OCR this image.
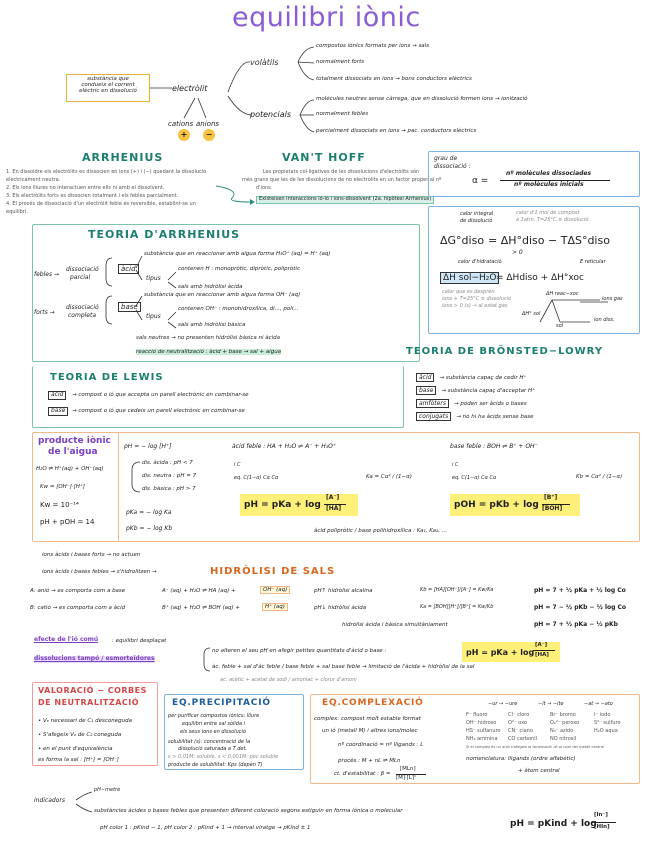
equilibri iònic
substància que
condueix el corrent
elèctric en dissolució	electròlit
volàtils
potencials
cations anions
+	−
compostos iònics formats per ions → sals
normalment forts
totalment dissociats en ions → bons conductors elèctrics
molècules neutres sense càrrega, que en dissolució formen ions → ionització
normalment febles
parcialment dissociats en ions → pac. conductors elèctrics
ARRHENIUS
1. En dissoldre els electròlits es dissocien en ions (+) i (−) quedant la dissolució
elèctricament neutra.
2. Els ions lliures no interactuen entre ells ni amb el dissolvent.
3. Els electròlits forts es dissocien totalment i els febles parcialment.
4. El procés de dissociació d'un electròlit feble és reversible, establint-se un
equilibri.
VAN'T HOFF
Les propietats col·ligatives de les dissolucions d'electròlits són
més grans que les de les dissolucions de no electròlits en un factor proper al nº
d'ions.
Existeixen interaccions ió-ió i ions-dissolvent (2a. hipòtesi Arrhenius)
grau de
dissociació :
α =
nº molècules dissociades
nº molècules inicials
calor integral
de dissolució
calor d'1 mol de compost
a 1atm, T=25°C ≡ dissolució
ΔG°diso = ΔH°diso − TΔS°diso
> 0
calor d'hidratació	E reticular
ΔH sol−H₂O = ΔHdiso + ΔH°xoc
calor que es desprèn
ions + T=25°C ≡ dissolució
ions > 0 (s) → al estat gas
ΔH reac−xoc
ions gas
ΔH° sol
sol
ion diss.
TEORIA D'ARRHENIUS
febles →
dissociació
parcial
forts →
dissociació
completa
àcid
base
substància que en reaccionar amb aigua forma H₃O⁺ (aq) = H⁺ (aq)
tipus
contenen H : monopròtic, dipròtic, polipròtic
sals amb hidròlisi àcida
substància que en reaccionar amb aigua forma OH⁻ (aq)
tipus
contenen OH⁻ : monohidroxílica, di..., poli...
sals amb hidròlisi bàsica
sals neutres → no presenten hidròlisi bàsica ni àcida
reacció de neutralització : àcid + base → sal + aigua	TEORIA DE BRÖNSTED−LOWRY
àcid → substància capaç de cedir H⁺
base → substància capaç d'acceptar H⁺
amfòters → poden ser àcids o bases
conjugats → no hi ha àcids sense base
TEORIA DE LEWIS
àcid	→ compost o ió que accepta un parell electrònic en combinar-se
base	→ compost o ió que cedeix un parell electrònic en combinar-se
producte iònic
de l'aigua
H₂O ⇌ H⁺(aq) + OH⁻(aq)
Kw = [OH⁻]·[H⁺]
Kw = 10⁻¹⁴
pH + pOH = 14
pH = − log [H⁺]
dis. àcida : pH < 7
dis. neutra : pH = 7
dis. bàsica : pH > 7
pKa = − log Ka
pKb = − log Kb
àcid feble : HA + H₂O ⇌ A⁻ + H₃O⁺	base feble : BOH ⇌ B⁺ + OH⁻
i C
eq. C(1−α) Cα Cα	Ka = Cα² / (1−α)
i C
eq. C(1−α) Cα Cα	Kb = Cα² / (1−α)
pH = pKa + log
[A⁻]
[HA]	pOH = pKb + log
[B⁺]
[BOH]
àcid polipròtic / base polihidroxílica : Ka₁, Ka₂, ...
ions àcids i bases forts → no actuen
ions àcids i bases febles → s'hidrolitzen →	HIDRÒLISI DE SALS
A: anió → es comporta com a base	A⁻ (aq) + H₂O ⇌ HA (aq) +	OH⁻ (aq)	pH↑ hidròlisi alcalina	Kb = [HA][OH⁻]/[A⁻] = Kw/Ka	pH = 7 + ½ pKa + ½ log Co
B: catió → es comporta com a àcid	B⁺ (aq) + H₂O ⇌ BOH (aq) +	H⁺ (aq)	pH↓ hidròlisi àcida	Ka = [BOH][H⁺]/[B⁺] = Kw/Kb	pH = 7 − ½ pKb − ½ log Co
hidròlisi àcida i bàsica simultàniament	pH = 7 + ½ pKa − ½ pKb
efecte de l'ió comú	: equilibri desplaçat
dissolucions tampó / esmorteïdores
no alteren el seu pH en afegir petites quantitats d'àcid o base :	pH = pKa + log
[A⁻]
[HA]
àc. feble + sal d'àc feble / base feble + sal base feble → limitació de l'àcida + hidròlisi de la sal
ac. acètic + acetat de sodi / amoníac + clorur d'amoni
VALORACIÓ − CORBES
DE NEUTRALITZACIÓ
• Vₑ necessari de C₁ desconeguda
• S'afegeix Vₐ de C₂ coneguda
• en el punt d'equivalència
es forma la sal : [H⁺] = [OH⁻]
EQ.PRECIPITACIÓ
per purificar compostos iònics: lliure
equilibri entre sal sòlida i
els seus ions en dissolució
solubilitat (s): concentració de la
dissolució saturada a T det.
s > 0,01M: soluble, s < 0,001M: poc soluble
producte de solubilitat: Kps (depèn T)
EQ.COMPLEXACIÓ
complex: compost molt estable format
un ió (metall M) i altres ions/molec
nº coordinació = nº lligands : L
procés : M + nL ⇌ MLn
ct. d'estabilitat : β =
[MLn]
[M]·[L]ⁿ
−ur → −ure	−it → −ite	−at → −ato
F⁻ fluoro	Cl⁻ cloro	Br⁻ bromo	I⁻ iodo
OH⁻ hidroxo	O²⁻ oxo	O₂²⁻ peroxo	S²⁻ sulfuro
HS⁻ sulfanuro	CN⁻ ciano	N₃⁻ azido	H₂O aqua
NH₃ ammina	CO carbonil	NO nitrosil
Si el complex és un anió s'afegeix la terminació -at al nom del metall central
nomenclatura: lligands (ordre alfabètic)
+ àtom central
indicadors
pH−metre
substàncies àcides o bases febles que presenten diferent coloració segons estiguin en forma iònica o molecular
pH color 1 : pKind − 1, pH color 2 : pKind + 1 → interval viratge → pKind ± 1	pH = pKind + log
[In⁻]
[HIn]
